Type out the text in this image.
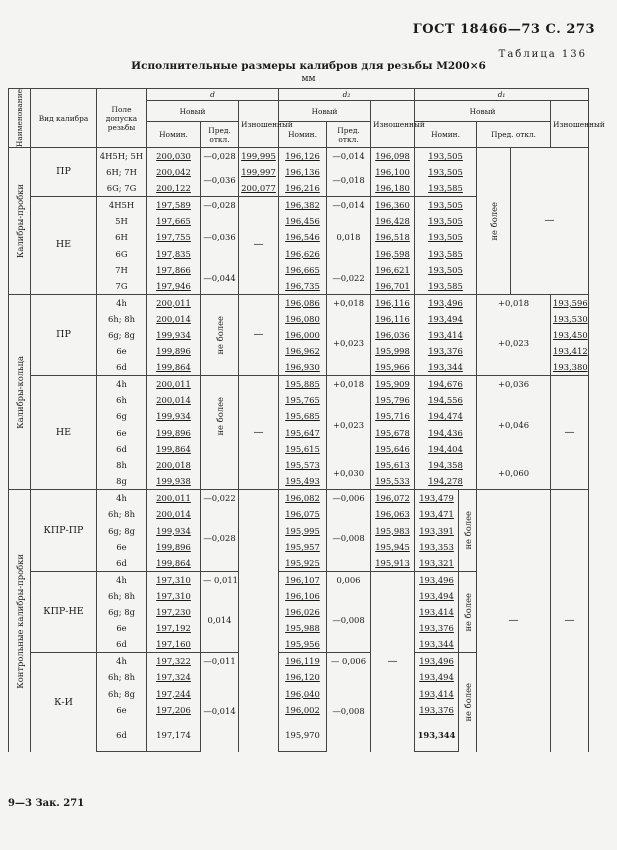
ГОСТ 18466—73 С. 273
Таблица 136
Исполнительные размеры калибров для резьбы М200×6
мм
Наименование	Вид калибра	Поле допуска резьбы	d			d₂			d₁					
			Новый		Изношенный	Новый		Изношенный	Новый				Изношенный	
			Номин.	Пред. откл.		Номин.	Пред. откл.		Номин.		Пред. откл.			

Калибры-пробки	ПР	4H5H; 5H	200,030	—0,028	199,995	196,126	—0,014	196,098	193,505		не более	—	
		6H; 7H	200,042	—0,036	199,997	196,136	—0,018	196,100	193,505					
		6G; 7G	200,122		200,077	196,216		196,180	193,585					
	НЕ	4H5H	197,589	—0,028	—	196,382	—0,014	196,360	193,505					
		5H	197,665	—0,036		196,456	0,018	196,428	193,505					
		6H	197,755			196,546		196,518	193,505					
		6G	197,835			196,626		196,598	193,585					
		7H	197,866	—0,044		196,665	—0,022	196,621	193,505					
		7G	197,946			196,735		196,701	193,585					

Калибры-кольца	ПР	4h	200,011	не более	—	196,086	+0,018	196,116	193,496		+0,018		193,596	
		6h; 8h	200,014			196,080	+0,023	196,116	193,494		+0,023		193,530	
		6g; 8g	199,934			196,000		196,036	193,414				193,450	
		6e	199,896			196,962		195,998	193,376				193,412	
		6d	199,864			196,930		195,966	193,344				193,380	
	НЕ	4h	200,011	не более	—	195,885	+0,018	195,909	194,676		+0,036		—	
		6h	200,014			195,765	+0,023	195,796	194,556		+0,046			
		6g	199,934			195,685		195,716	194,474					
		6e	199,896			195,647		195,678	194,436					
		6d	199,864			195,615		195,646	194,404					
		8h	200,018			195,573	+0,030	195,613	194,358		+0,060			
		8g	199,938			195,493		195,533	194,278					

Контрольные калибры-пробки	КПР-ПР	4h	200,011	—0,022		196,082	—0,006	196,072	193,479	не более	—		—	
		6h; 8h	200,014	—0,028		196,075	—0,008	196,063	193,471					
		6g; 8g	199,934			195,995		195,983	193,391					
		6e	199,896			195,957		195,945	193,353					
		6d	199,864			195,925		195,913	193,321					
	КПР-НЕ	4h	197,310	— 0,011		196,107	0,006	—	193,496	не более				

		6h; 8h	197,310	0,014		196,106	—0,008		193,494					
		6g; 8g	197,230			196,026			193,414					
		6e	197,192			195,988			193,376					
		6d	197,160			195,956			193,344					
	К-И	4h	197,322	—0,011		196,119	— 0,006		193,496	не более				

		6h; 8h	197,324	—0,014		196,120	—0,008		193,494					
		6h; 8g	197,244			196,040			193,414					
		6e	197,206			196,002			193,376					
		6d	197,174			195,970			193,344					
9—3 Зак. 271
